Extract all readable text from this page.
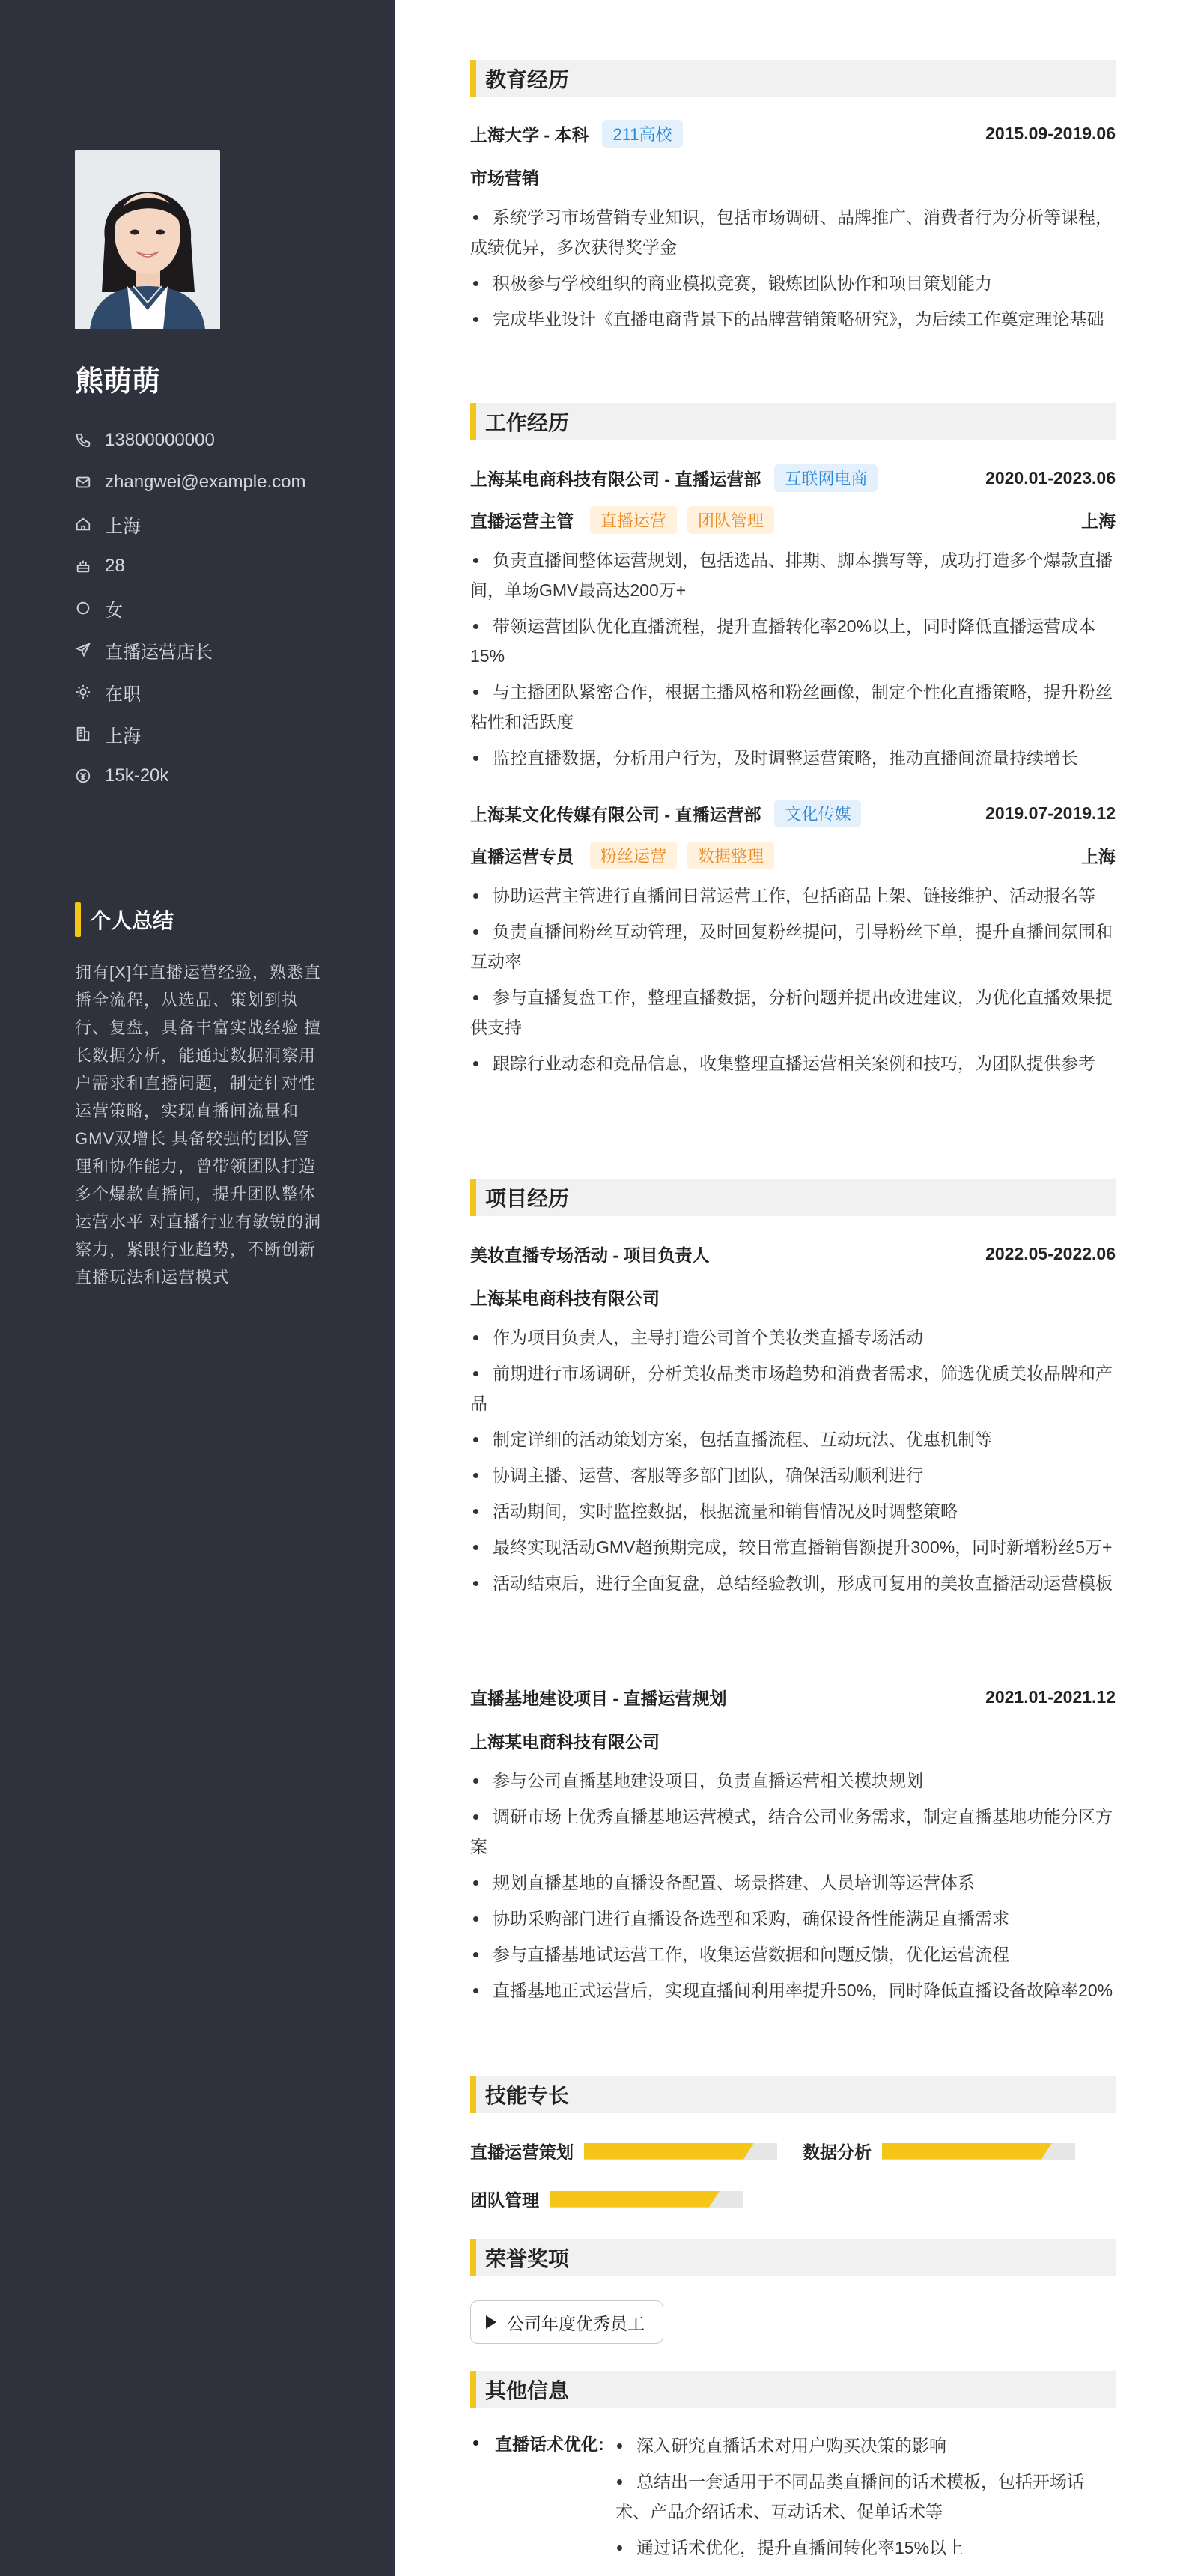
熊萌萌
13800000000
zhangwei@example.com
上海
28
女
直播运营店长
在职
上海
15k-20k
个人总结
拥有[X]年直播运营经验，熟悉直播全流程，从选品、策划到执行、复盘，具备丰富实战经验 擅长数据分析，能通过数据洞察用户需求和直播问题，制定针对性运营策略，实现直播间流量和GMV双增长 具备较强的团队管理和协作能力，曾带领团队打造多个爆款直播间，提升团队整体运营水平 对直播行业有敏锐的洞察力，紧跟行业趋势，不断创新直播玩法和运营模式
教育经历
上海大学 - 本科	211高校	2015.09-2019.06
市场营销
系统学习市场营销专业知识，包括市场调研、品牌推广、消费者行为分析等课程，成绩优异，多次获得奖学金
积极参与学校组织的商业模拟竞赛，锻炼团队协作和项目策划能力
完成毕业设计《直播电商背景下的品牌营销策略研究》，为后续工作奠定理论基础
工作经历
上海某电商科技有限公司 - 直播运营部	互联网电商	2020.01-2023.06
直播运营主管	直播运营	团队管理	上海
负责直播间整体运营规划，包括选品、排期、脚本撰写等，成功打造多个爆款直播间，单场GMV最高达200万+
带领运营团队优化直播流程，提升直播转化率20%以上，同时降低直播运营成本15%
与主播团队紧密合作，根据主播风格和粉丝画像，制定个性化直播策略，提升粉丝粘性和活跃度
监控直播数据，分析用户行为，及时调整运营策略，推动直播间流量持续增长
上海某文化传媒有限公司 - 直播运营部	文化传媒	2019.07-2019.12
直播运营专员	粉丝运营	数据整理	上海
协助运营主管进行直播间日常运营工作，包括商品上架、链接维护、活动报名等
负责直播间粉丝互动管理，及时回复粉丝提问，引导粉丝下单，提升直播间氛围和互动率
参与直播复盘工作，整理直播数据，分析问题并提出改进建议，为优化直播效果提供支持
跟踪行业动态和竞品信息，收集整理直播运营相关案例和技巧，为团队提供参考
项目经历
美妆直播专场活动 - 项目负责人	2022.05-2022.06
上海某电商科技有限公司
作为项目负责人，主导打造公司首个美妆类直播专场活动
前期进行市场调研，分析美妆品类市场趋势和消费者需求，筛选优质美妆品牌和产品
制定详细的活动策划方案，包括直播流程、互动玩法、优惠机制等
协调主播、运营、客服等多部门团队，确保活动顺利进行
活动期间，实时监控数据，根据流量和销售情况及时调整策略
最终实现活动GMV超预期完成，较日常直播销售额提升300%，同时新增粉丝5万+
活动结束后，进行全面复盘，总结经验教训，形成可复用的美妆直播活动运营模板
直播基地建设项目 - 直播运营规划	2021.01-2021.12
上海某电商科技有限公司
参与公司直播基地建设项目，负责直播运营相关模块规划
调研市场上优秀直播基地运营模式，结合公司业务需求，制定直播基地功能分区方案
规划直播基地的直播设备配置、场景搭建、人员培训等运营体系
协助采购部门进行直播设备选型和采购，确保设备性能满足直播需求
参与直播基地试运营工作，收集运营数据和问题反馈，优化运营流程
直播基地正式运营后，实现直播间利用率提升50%，同时降低直播设备故障率20%
技能专长
直播运营策划	数据分析
团队管理
荣誉奖项
公司年度优秀员工
其他信息
直播话术优化:	深入研究直播话术对用户购买决策的影响
总结出一套适用于不同品类直播间的话术模板，包括开场话术、产品介绍话术、互动话术、促单话术等
通过话术优化，提升直播间转化率15%以上
